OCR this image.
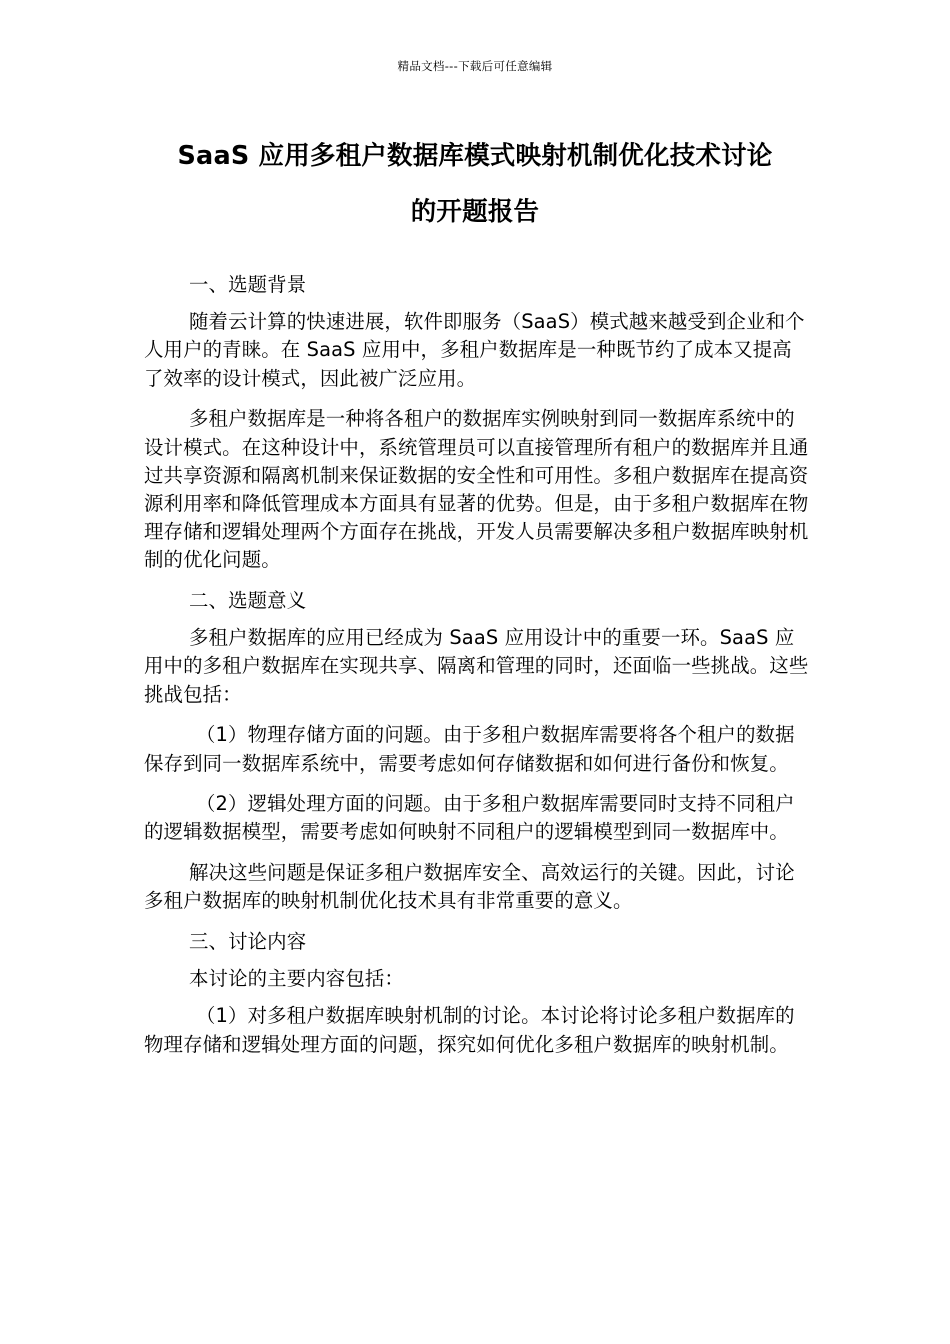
精品文档---下载后可任意编辑
SaaS 应用多租户数据库模式映射机制优化技术讨论
的开题报告

一、选题背景

随着云计算的快速进展，软件即服务（SaaS）模式越来越受到企业和个人用户的青睐。在 SaaS 应用中，多租户数据库是一种既节约了成本又提高了效率的设计模式，因此被广泛应用。

多租户数据库是一种将各租户的数据库实例映射到同一数据库系统中的设计模式。在这种设计中，系统管理员可以直接管理所有租户的数据库并且通过共享资源和隔离机制来保证数据的安全性和可用性。多租户数据库在提高资源利用率和降低管理成本方面具有显著的优势。但是，由于多租户数据库在物理存储和逻辑处理两个方面存在挑战，开发人员需要解决多租户数据库映射机制的优化问题。

二、选题意义

多租户数据库的应用已经成为 SaaS 应用设计中的重要一环。SaaS 应用中的多租户数据库在实现共享、隔离和管理的同时，还面临一些挑战。这些挑战包括：

（1）物理存储方面的问题。由于多租户数据库需要将各个租户的数据保存到同一数据库系统中，需要考虑如何存储数据和如何进行备份和恢复。

（2）逻辑处理方面的问题。由于多租户数据库需要同时支持不同租户的逻辑数据模型，需要考虑如何映射不同租户的逻辑模型到同一数据库中。

解决这些问题是保证多租户数据库安全、高效运行的关键。因此，讨论多租户数据库的映射机制优化技术具有非常重要的意义。

三、讨论内容

本讨论的主要内容包括：

（1）对多租户数据库映射机制的讨论。本讨论将讨论多租户数据库的物理存储和逻辑处理方面的问题，探究如何优化多租户数据库的映射机制。
